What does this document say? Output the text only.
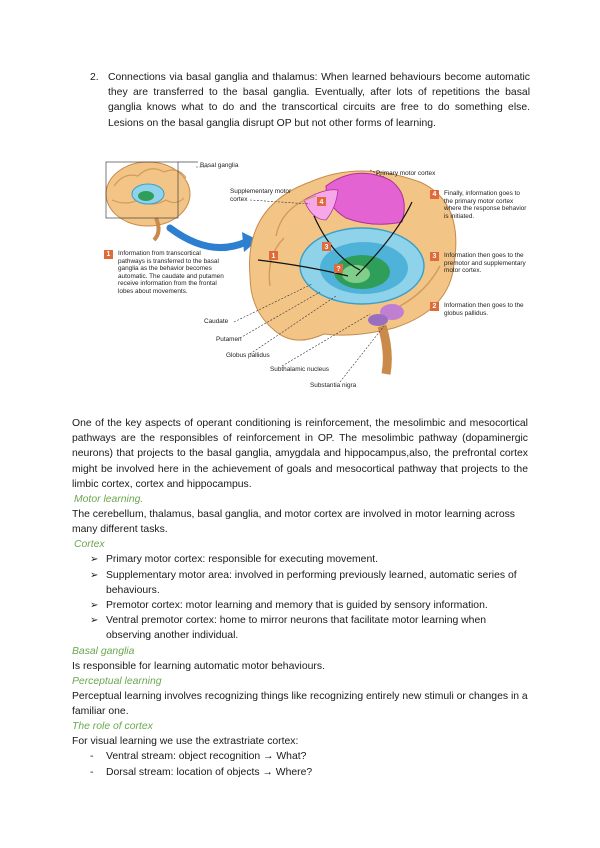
2. Connections via basal ganglia and thalamus: When learned behaviours become automatic they are transferred to the basal ganglia. Eventually, after lots of repetitions the basal ganglia knows what to do and the transcortical circuits are free to do something else. Lesions on the basal ganglia disrupt OP but not other forms of learning.

4
1
3
?
Basal ganglia
Primary motor cortex
Supplementary motor cortex
Caudate
Putamen
Globus pallidus
Subthalamic nucleus
Substantia nigra
1	Information from transcortical pathways is transferred to the basal ganglia as the behavior becomes automatic. The caudate and putamen receive information from the frontal lobes about movements.
2	Information then goes to the globus pallidus.
3	Information then goes to the premotor and supplementary motor cortex.
4	Finally, information goes to the primary motor cortex where the response behavior is initiated.

One of the key aspects of operant conditioning is reinforcement, the mesolimbic and mesocortical pathways are the responsibles of reinforcement in OP. The mesolimbic pathway (dopaminergic neurons) that projects to the basal ganglia, amygdala and hippocampus,also, the prefrontal cortex might be involved here in the achievement of goals and mesocortical pathway that projects to the limbic cortex, cortex and hippocampus.

Motor learning.

The cerebellum, thalamus, basal ganglia, and motor cortex are involved in motor learning across many different tasks.

Cortex

➢ Primary motor cortex: responsible for executing movement.
➢ Supplementary motor area: involved in performing previously learned, automatic series of behaviours.
➢ Premotor cortex: motor learning and memory that is guided by sensory information.
➢ Ventral premotor cortex: home to mirror neurons that facilitate motor learning when observing another individual.

Basal ganglia

Is responsible for learning automatic motor behaviours.

Perceptual learning

Perceptual learning involves recognizing things like recognizing entirely new stimuli or changes in a familiar one.

The role of cortex

For visual learning we use the extrastriate cortex:

- Ventral stream: object recognition → What?
- Dorsal stream: location of objects → Where?
